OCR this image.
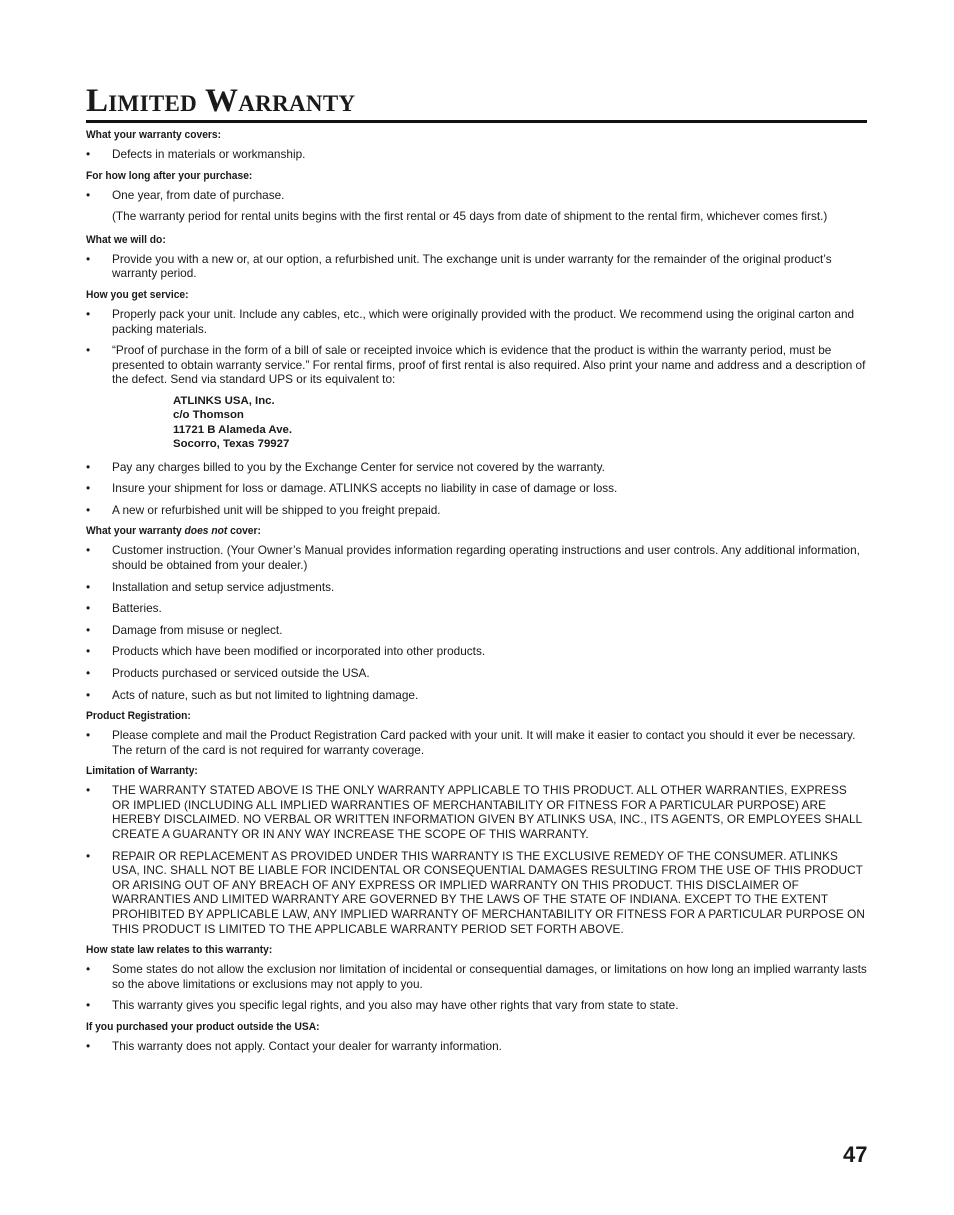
Limited Warranty
What your warranty covers:
•	Defects in materials or workmanship.
For how long after your purchase:
•	One year, from date of purchase.
(The warranty period for rental units begins with the first rental or 45 days from date of shipment to the rental firm, whichever comes first.)
What we will do:
•	Provide you with a new or, at our option, a refurbished unit. The exchange unit is under warranty for the remainder of the original product’s warranty period.
How you get service:
•	Properly pack your unit. Include any cables, etc., which were originally provided with the product. We recommend using the original carton and packing materials.
•	“Proof of purchase in the form of a bill of sale or receipted invoice which is evidence that the product is within the warranty period, must be presented to obtain warranty service.” For rental firms, proof of first rental is also required. Also print your name and address and a description of the defect. Send via standard UPS or its equivalent to:
ATLINKS USA, Inc.
c/o Thomson
11721 B Alameda Ave.
Socorro, Texas 79927
•	Pay any charges billed to you by the Exchange Center for service not covered by the warranty.
•	Insure your shipment for loss or damage. ATLINKS accepts no liability in case of damage or loss.
•	A new or refurbished unit will be shipped to you freight prepaid.
What your warranty does not cover:
•	Customer instruction. (Your Owner’s Manual provides information regarding operating instructions and user controls. Any additional information, should be obtained from your dealer.)
•	Installation and setup service adjustments.
•	Batteries.
•	Damage from misuse or neglect.
•	Products which have been modified or incorporated into other products.
•	Products purchased or serviced outside the USA.
•	Acts of nature, such as but not limited to lightning damage.
Product Registration:
•	Please complete and mail the Product Registration Card packed with your unit. It will make it easier to contact you should it ever be necessary. The return of the card is not required for warranty coverage.
Limitation of Warranty:
•	THE WARRANTY STATED ABOVE IS THE ONLY WARRANTY APPLICABLE TO THIS PRODUCT. ALL OTHER WARRANTIES, EXPRESS OR IMPLIED (INCLUDING ALL IMPLIED WARRANTIES OF MERCHANTABILITY OR FITNESS FOR A PARTICULAR PURPOSE) ARE HEREBY DISCLAIMED. NO VERBAL OR WRITTEN INFORMATION GIVEN BY ATLINKS USA, INC., ITS AGENTS, OR EMPLOYEES SHALL CREATE A GUARANTY OR IN ANY WAY INCREASE THE SCOPE OF THIS WARRANTY.
•	REPAIR OR REPLACEMENT AS PROVIDED UNDER THIS WARRANTY IS THE EXCLUSIVE REMEDY OF THE CONSUMER. ATLINKS USA, INC. SHALL NOT BE LIABLE FOR INCIDENTAL OR CONSEQUENTIAL DAMAGES RESULTING FROM THE USE OF THIS PRODUCT OR ARISING OUT OF ANY BREACH OF ANY EXPRESS OR IMPLIED WARRANTY ON THIS PRODUCT. THIS DISCLAIMER OF WARRANTIES AND LIMITED WARRANTY ARE GOVERNED BY THE LAWS OF THE STATE OF INDIANA. EXCEPT TO THE EXTENT PROHIBITED BY APPLICABLE LAW, ANY IMPLIED WARRANTY OF MERCHANTABILITY OR FITNESS FOR A PARTICULAR PURPOSE ON THIS PRODUCT IS LIMITED TO THE APPLICABLE WARRANTY PERIOD SET FORTH ABOVE.
How state law relates to this warranty:
•	Some states do not allow the exclusion nor limitation of incidental or consequential damages, or limitations on how long an implied warranty lasts so the above limitations or exclusions may not apply to you.
•	This warranty gives you specific legal rights, and you also may have other rights that vary from state to state.
If you purchased your product outside the USA:
•	This warranty does not apply. Contact your dealer for warranty information.
47
